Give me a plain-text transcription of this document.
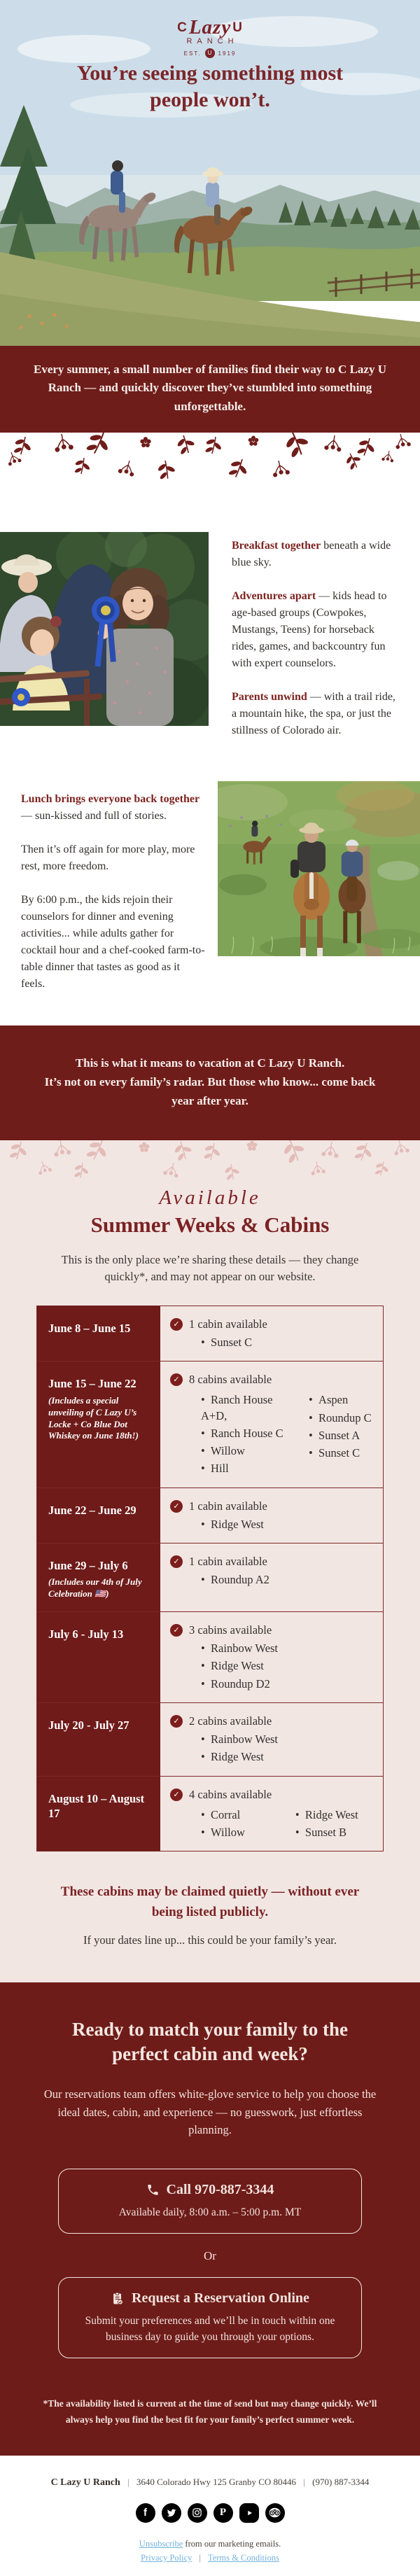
CLazy U
RANCH
EST.	U	1919
You’re seeing something most people won’t.

Every summer, a small number of families find their way to C Lazy U Ranch — and quickly discover they’ve stumbled into something unforgettable.

Breakfast together beneath a wide blue sky.

Adventures apart — kids head to age-based groups (Cowpokes, Mustangs, Teens) for horseback rides, games, and backcountry fun with expert counselors.

Parents unwind — with a trail ride, a mountain hike, the spa, or just the stillness of Colorado air.

Lunch brings everyone back together — sun-kissed and full of stories.

Then it’s off again for more play, more rest, more freedom.

By 6:00 p.m., the kids rejoin their counselors for dinner and evening activities... while adults gather for cocktail hour and a chef-cooked farm-to-table dinner that tastes as good as it feels.

This is what it means to vacation at C Lazy U Ranch.

It’s not on every family’s radar. But those who know... come back year after year.

Available
Summer Weeks & Cabins

This is the only place we’re sharing these details — they change quickly*, and may not appear on our website.

June 8 – June 15	✓ 1 cabin available
•  Sunset C
June 15 – June 22
(Includes a special unveiling of C Lazy U’s Locke + Co Blue Dot Whiskey on June 18th!)
✓ 8 cabins available
•  Ranch House A+D,
•  Ranch House C
•  Willow
•  Hill
•  Aspen
•  Roundup C
•  Sunset A
•  Sunset C
June 22 – June 29	✓ 1 cabin available
•  Ridge West
June 29 – July 6
(Includes our 4th of July Celebration 🇺🇸)
✓ 1 cabin available
•  Roundup A2
July 6 - July 13	✓ 3 cabins available
•  Rainbow West
•  Ridge West
•  Roundup D2
July 20 - July 27	✓ 2 cabins available
•  Rainbow West
•  Ridge West
August 10 – August 17
✓ 4 cabins available
•  Corral
•  Willow
•  Ridge West
•  Sunset B

These cabins may be claimed quietly — without ever being listed publicly.

If your dates line up... this could be your family’s year.

Ready to match your family to the perfect cabin and week?

Our reservations team offers white-glove service to help you choose the ideal dates, cabin, and experience — no guesswork, just effortless planning.

Call 970-887-3344
Available daily, 8:00 a.m. – 5:00 p.m. MT

Or

Request a Reservation Online
Submit your preferences and we’ll be in touch within one business day to guide you through your options.

*The availability listed is current at the time of send but may change quickly. We’ll always help you find the best fit for your family’s perfect summer week.

C Lazy U Ranch | 3640 Colorado Hwy 125 Granby CO 80446 | (970) 887-3344
f	P
Unsubscribe from our marketing emails.
Privacy Policy | Terms & Conditions
